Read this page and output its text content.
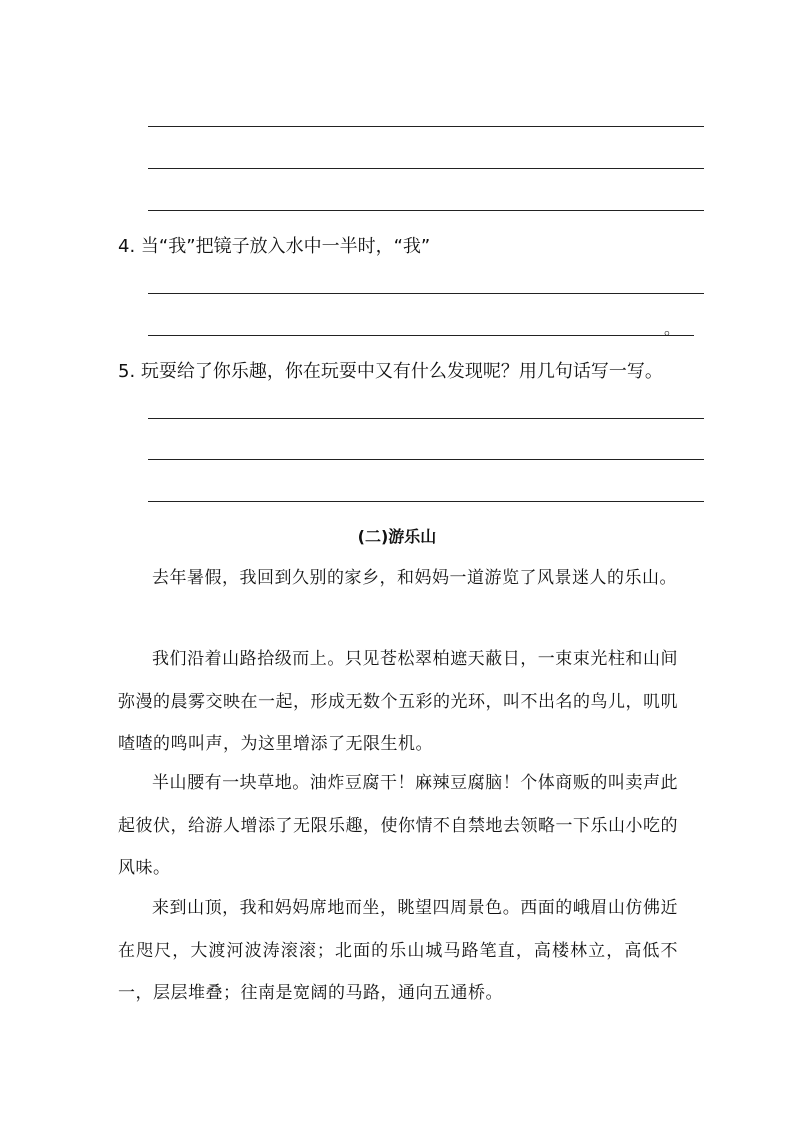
4. 当“我”把镜子放入水中一半时，“我”
。
5. 玩耍给了你乐趣，你在玩耍中又有什么发现呢？用几句话写一写。
(二)游乐山

去年暑假，我回到久别的家乡，和妈妈一道游览了风景迷人的乐山。

我们沿着山路拾级而上。只见苍松翠柏遮天蔽日，一束束光柱和山间弥漫的晨雾交映在一起，形成无数个五彩的光环，叫不出名的鸟儿，叽叽喳喳的鸣叫声，为这里增添了无限生机。

半山腰有一块草地。油炸豆腐干！麻辣豆腐脑！个体商贩的叫卖声此起彼伏，给游人增添了无限乐趣，使你情不自禁地去领略一下乐山小吃的风味。

来到山顶，我和妈妈席地而坐，眺望四周景色。西面的峨眉山仿佛近在咫尺，大渡河波涛滚滚；北面的乐山城马路笔直，高楼林立，高低不一，层层堆叠；往南是宽阔的马路，通向五通桥。
